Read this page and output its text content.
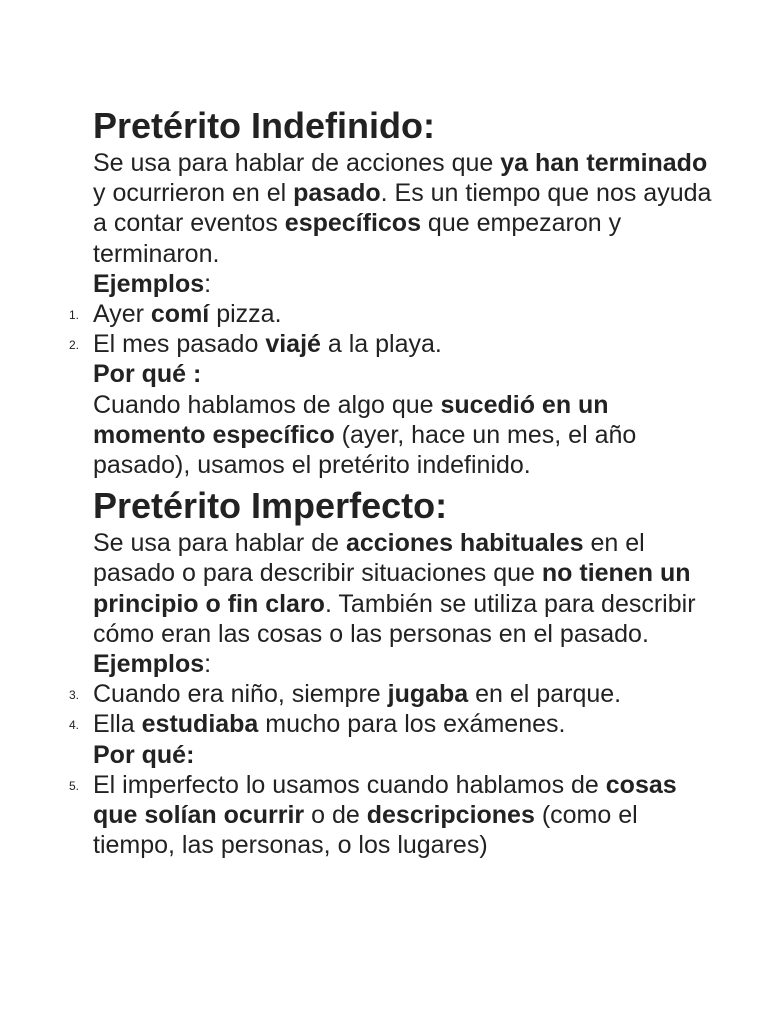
Pretérito Indefinido:

Se usa para hablar de acciones que ya han terminado y ocurrieron en el pasado. Es un tiempo que nos ayuda a contar eventos específicos que empezaron y terminaron.

Ejemplos:

1. Ayer comí pizza.
2. El mes pasado viajé a la playa.

Por qué :

Cuando hablamos de algo que sucedió en un momento específico (ayer, hace un mes, el año pasado), usamos el pretérito indefinido.

Pretérito Imperfecto:

Se usa para hablar de acciones habituales en el pasado o para describir situaciones que no tienen un principio o fin claro. También se utiliza para describir cómo eran las cosas o las personas en el pasado.

Ejemplos:

3. Cuando era niño, siempre jugaba en el parque.
4. Ella estudiaba mucho para los exámenes.

Por qué:

5. El imperfecto lo usamos cuando hablamos de cosas que solían ocurrir o de descripciones (como el tiempo, las personas, o los lugares)
